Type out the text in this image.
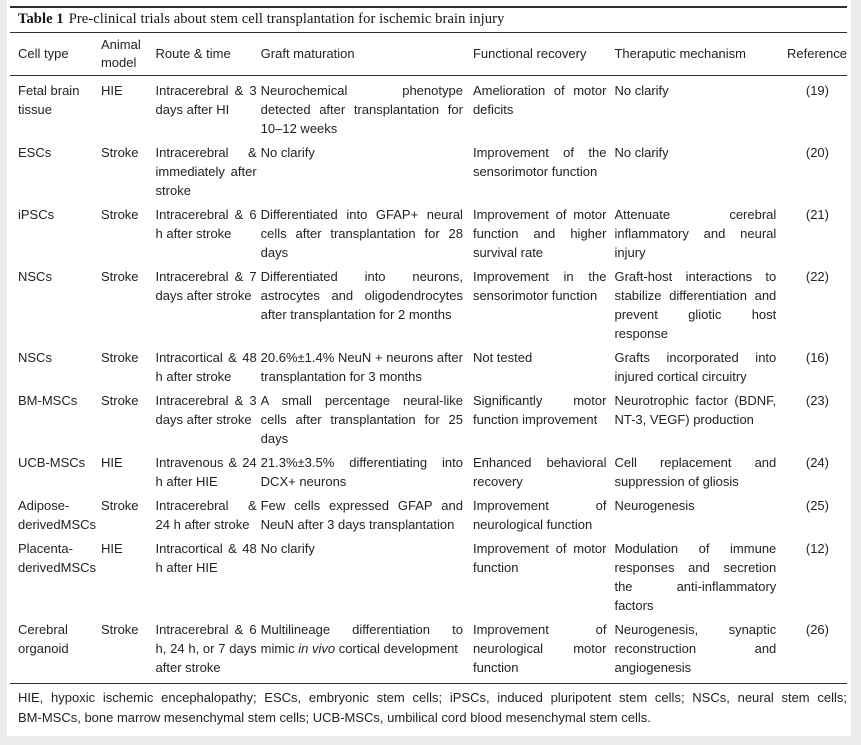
Table 1 Pre-clinical trials about stem cell transplantation for ischemic brain injury
Cell type	Animal model	Route & time	Graft maturation	Functional recovery	Theraputic mechanism	Reference
Fetal brain tissue	HIE	Intracerebral & 3 days after HI	Neurochemical phenotype detected after transplantation for 10–12 weeks	Amelioration of motor deficits	No clarify	(19)
ESCs	Stroke	Intracerebral & immediately after stroke	No clarify	Improvement of the sensorimotor function	No clarify	(20)
iPSCs	Stroke	Intracerebral & 6 h after stroke	Differentiated into GFAP+ neural cells after transplantation for 28 days	Improvement of motor function and higher survival rate	Attenuate cerebral inflammatory and neural injury	(21)
NSCs	Stroke	Intracerebral & 7 days after stroke	Differentiated into neurons, astrocytes and oligodendrocytes after transplantation for 2 months	Improvement in the sensorimotor function	Graft-host interactions to stabilize differentiation and prevent gliotic host response	(22)
NSCs	Stroke	Intracortical & 48 h after stroke	20.6%±1.4% NeuN + neurons after transplantation for 3 months	Not tested	Grafts incorporated into injured cortical circuitry	(16)
BM-MSCs	Stroke	Intracerebral & 3 days after stroke	A small percentage neural-like cells after transplantation for 25 days	Significantly motor function improvement	Neurotrophic factor (BDNF, NT-3, VEGF) production	(23)
UCB-MSCs	HIE	Intravenous & 24 h after HIE	21.3%±3.5% differentiating into DCX+ neurons	Enhanced behavioral recovery	Cell replacement and suppression of gliosis	(24)
Adipose-derivedMSCs	Stroke	Intracerebral & 24 h after stroke	Few cells expressed GFAP and NeuN after 3 days transplantation	Improvement of neurological function	Neurogenesis	(25)
Placenta-derivedMSCs	HIE	Intracortical & 48 h after HIE	No clarify	Improvement of motor function	Modulation of immune responses and secretion the anti-inflammatory factors	(12)
Cerebral organoid	Stroke	Intracerebral & 6 h, 24 h, or 7 days after stroke	Multilineage differentiation to mimic in vivo cortical development	Improvement of neurological motor function	Neurogenesis, synaptic reconstruction and angiogenesis	(26)
HIE, hypoxic ischemic encephalopathy; ESCs, embryonic stem cells; iPSCs, induced pluripotent stem cells; NSCs, neural stem cells;
BM-MSCs, bone marrow mesenchymal stem cells; UCB-MSCs, umbilical cord blood mesenchymal stem cells.
